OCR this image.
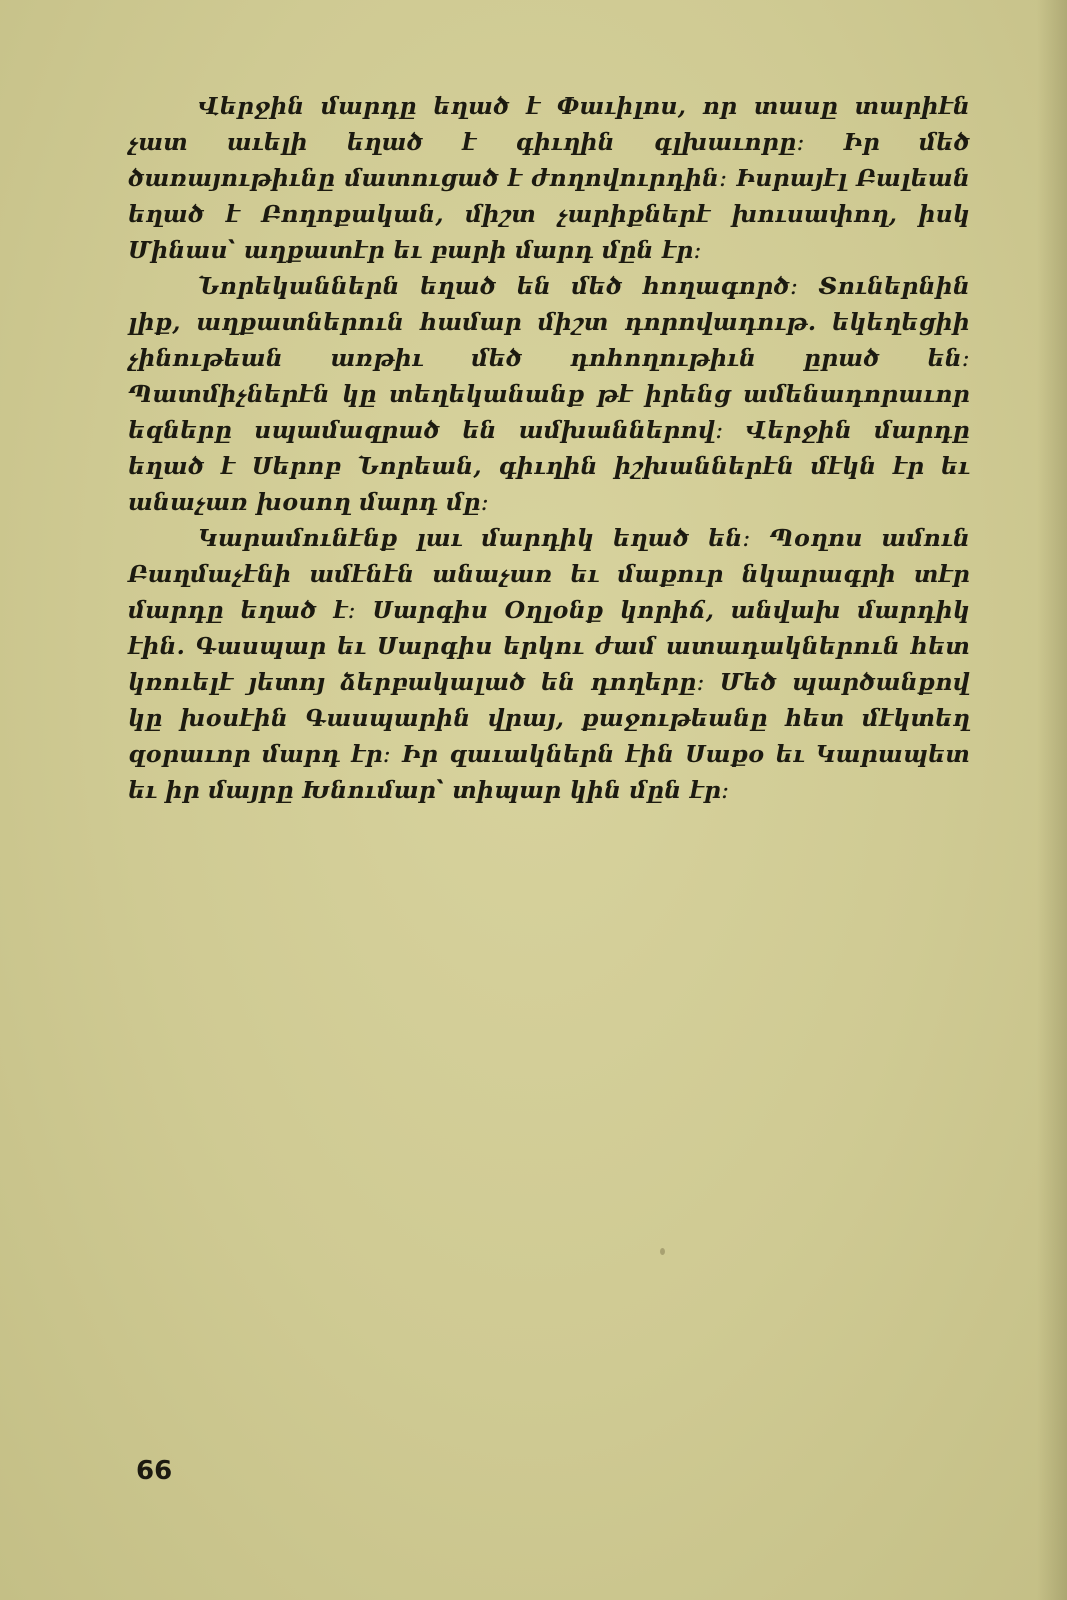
Վերջին մարդը եղած է Փաւիլոս, որ տասը տարիէն չատ աւելի եղած է գիւղին գլխաւորը։ Իր մեծ ծառայութիւնը մատուցած է ժողովուրդին։ Իսրայէլ Բալեան եղած է Բողոքական, միշտ չարիքներէ խուսափող, իսկ Մինաս՝ աղքատէր եւ բարի մարդ մըն էր։

Նորեկաններն եղած են մեծ հողագործ։ Տուներնին լիք, աղքատներուն համար միշտ դորովադութ. եկեղեցիի չինութեան առթիւ մեծ դոհողութիւն ըրած են։ Պատմիչներէն կը տեղեկանանք թէ իրենց ամենադորաւոր եզները սպամազրած են ամխաններով։ Վերջին մարդը եղած է Սերոբ Նորեան, գիւղին իշխաններէն մէկն էր եւ անաչառ խօսող մարդ մը։

Կարամունէնք լաւ մարդիկ եղած են։ Պօղոս ամուն Բաղմաչէնի ամէնէն անաչառ եւ մաքուր նկարագրի տէր մարդը եղած է։ Սարգիս Օղլօնք կորիճ, անվախ մարդիկ էին. Գասպար եւ Սարգիս երկու ժամ ատադակներուն հետ կռուելէ յետոյ ձերբակալած են դողերը։ Մեծ պարծանքով կը խօսէին Գասպարին վրայ, քաջութեանը հետ մէկտեղ զօրաւոր մարդ էր։ Իր զաւակներն էին Սաքօ եւ Կարապետ եւ իր մայրը Խնումար՝ տիպար կին մըն էր։

66
